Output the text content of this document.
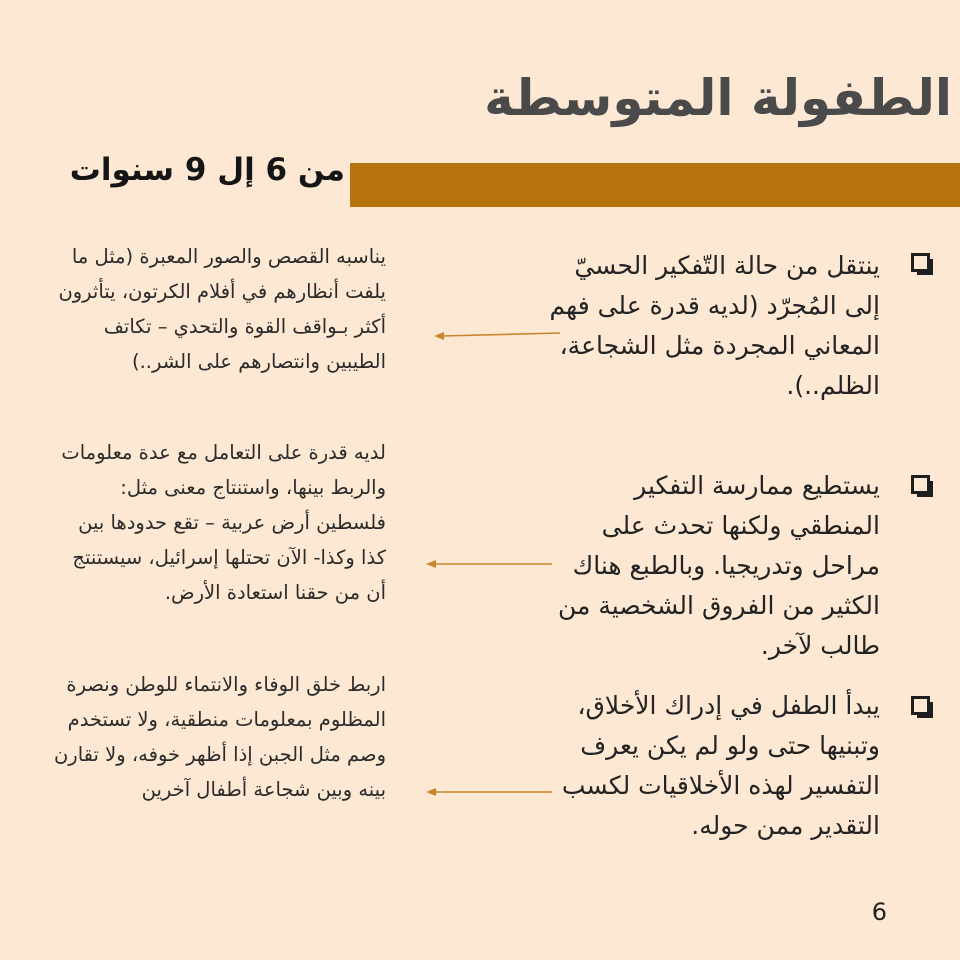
الطفولة المتوسطة
من 6 إل 9 سنوات
ينتقل من حالة التّفكير الحسيّ إلى المُجرّد (لديه قدرة على فهم المعاني المجردة مثل الشجاعة، الظلم..).
يناسبه القصص والصور المعبرة (مثل ما يلفت أنظارهم في أفلام الكرتون، يتأثرون أكثر بـواقف القوة والتحدي – تكاتف الطيبين وانتصارهم على الشر..)
يستطيع ممارسة التفكير المنطقي ولكنها تحدث على مراحل وتدريجيا. وبالطبع هناك الكثير من الفروق الشخصية من طالب لآخر.
لديه قدرة على التعامل مع عدة معلومات والربط بينها، واستنتاج معنى مثل: فلسطين أرض عربية – تقع حدودها بين كذا وكذا- الآن تحتلها إسرائيل، سيستنتج أن من حقنا استعادة الأرض.
يبدأ الطفل في إدراك الأخلاق، وتبنيها حتى ولو لم يكن يعرف التفسير لهذه الأخلاقيات لكسب التقدير ممن حوله.
اربط خلق الوفاء والانتماء للوطن ونصرة المظلوم بمعلومات منطقية، ولا تستخدم وصم مثل الجبن إذا أظهر خوفه، ولا تقارن بينه وبين شجاعة أطفال آخرين
6
